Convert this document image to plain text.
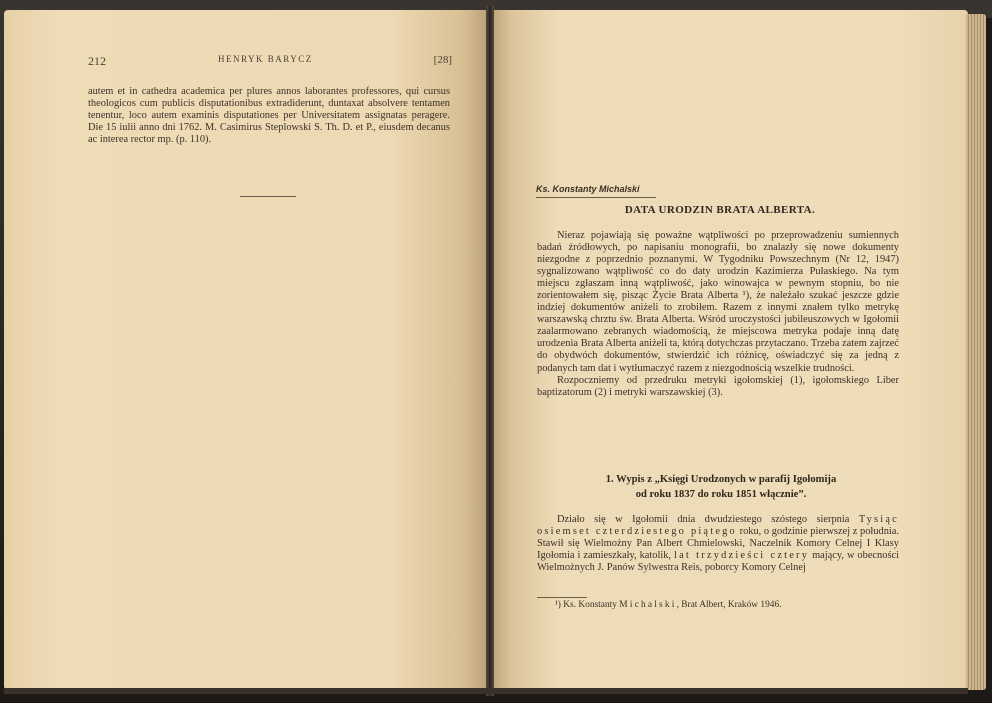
212	HENRYK BARYCZ	[28]
autem et in cathedra academica per plures annos laborantes professores, qui cursus theologicos cum publicis disputationibus extradiderunt, duntaxat absolvere tentamen tenentur, loco autem examinis disputationes per Universitatem assignatas peragere. Die 15 iulii anno dni 1762. M. Casimirus Steplowski S. Th. D. et P., eiusdem decanus ac interea rector mp. (p. 110).
Ks. Konstanty Michalski
DATA URODZIN BRATA ALBERTA.

Nieraz pojawiają się poważne wątpliwości po przeprowadzeniu sumiennych badań źródłowych, po napisaniu monografii, bo znalazły się nowe dokumenty niezgodne z poprzednio poznanymi. W Tygodniku Powszechnym (Nr 12, 1947) sygnalizowano wątpliwość co do daty urodzin Kazimierza Pułaskiego. Na tym miejscu zgłaszam inną wątpliwość, jako winowajca w pewnym stopniu, bo nie zorientowałem się, pisząc Życie Brata Alberta ¹), że należało szukać jeszcze gdzie indziej dokumentów aniżeli to zrobiłem. Razem z innymi znałem tylko metrykę warszawską chrztu św. Brata Alberta. Wśród uroczystości jubileuszowych w Igołomii zaalarmowano zebranych wiadomością, że miejscowa metryka podaje inną datę urodzenia Brata Alberta aniżeli ta, którą dotychczas przytaczano. Trzeba zatem zajrzeć do obydwóch dokumentów, stwierdzić ich różnicę, oświadczyć się za jedną z podanych tam dat i wytłumaczyć razem z niezgodnością wszelkie trudności.

Rozpoczniemy od przedruku metryki igołomskiej (1), igołomskiego Liber baptizatorum (2) i metryki warszawskiej (3).

1. Wypis z „Księgi Urodzonych w parafij Igołomija
od roku 1837 do roku 1851 włącznie”.

Działo się w Igołomii dnia dwudziestego szóstego sierpnia Tysiąc osiemset czterdziestego piątego roku, o godzinie pierwszej z południa. Stawił się Wielmożny Pan Albert Chmielowski, Naczelnik Komory Celnej I Klasy Igołomia i zamieszkały, katolik, lat trzydzieści cztery mający, w obecności Wielmożnych J. Panów Sylwestra Reis, poborcy Komory Celnej

¹) Ks. Konstanty Michalski, Brat Albert, Kraków 1946.
